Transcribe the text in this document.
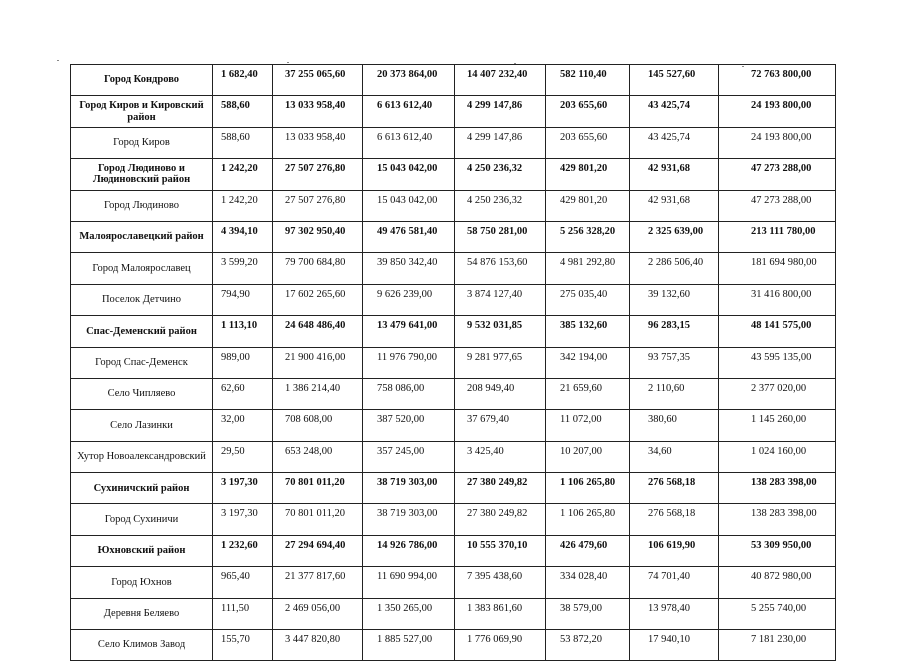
Город Кондрово	1 682,40	37 255 065,60	20 373 864,00	14 407 232,40	582 110,40	145 527,60	72 763 800,00
Город Киров и Кировский район	588,60	13 033 958,40	6 613 612,40	4 299 147,86	203 655,60	43 425,74	24 193 800,00
Город Киров	588,60	13 033 958,40	6 613 612,40	4 299 147,86	203 655,60	43 425,74	24 193 800,00
Город Людиново и Людиновский район	1 242,20	27 507 276,80	15 043 042,00	4 250 236,32	429 801,20	42 931,68	47 273 288,00
Город Людиново	1 242,20	27 507 276,80	15 043 042,00	4 250 236,32	429 801,20	42 931,68	47 273 288,00
Малоярославецкий район	4 394,10	97 302 950,40	49 476 581,40	58 750 281,00	5 256 328,20	2 325 639,00	213 111 780,00
Город Малоярославец	3 599,20	79 700 684,80	39 850 342,40	54 876 153,60	4 981 292,80	2 286 506,40	181 694 980,00
Поселок Детчино	794,90	17 602 265,60	9 626 239,00	3 874 127,40	275 035,40	39 132,60	31 416 800,00
Спас-Деменский район	1 113,10	24 648 486,40	13 479 641,00	9 532 031,85	385 132,60	96 283,15	48 141 575,00
Город Спас-Деменск	989,00	21 900 416,00	11 976 790,00	9 281 977,65	342 194,00	93 757,35	43 595 135,00
Село Чипляево	62,60	1 386 214,40	758 086,00	208 949,40	21 659,60	2 110,60	2 377 020,00
Село Лазинки	32,00	708 608,00	387 520,00	37 679,40	11 072,00	380,60	1 145 260,00
Хутор Новоалександровский	29,50	653 248,00	357 245,00	3 425,40	10 207,00	34,60	1 024 160,00
Сухиничский район	3 197,30	70 801 011,20	38 719 303,00	27 380 249,82	1 106 265,80	276 568,18	138 283 398,00
Город Сухиничи	3 197,30	70 801 011,20	38 719 303,00	27 380 249,82	1 106 265,80	276 568,18	138 283 398,00
Юхновский район	1 232,60	27 294 694,40	14 926 786,00	10 555 370,10	426 479,60	106 619,90	53 309 950,00
Город Юхнов	965,40	21 377 817,60	11 690 994,00	7 395 438,60	334 028,40	74 701,40	40 872 980,00
Деревня Беляево	111,50	2 469 056,00	1 350 265,00	1 383 861,60	38 579,00	13 978,40	5 255 740,00
Село Климов Завод	155,70	3 447 820,80	1 885 527,00	1 776 069,90	53 872,20	17 940,10	7 181 230,00
